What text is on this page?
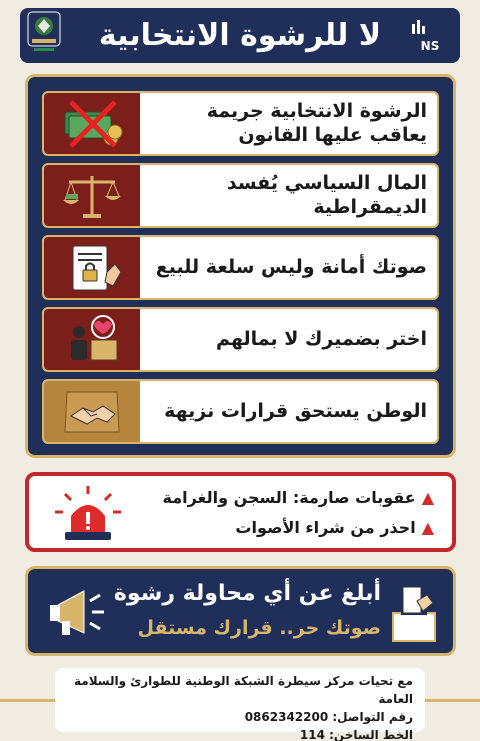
لا للرشوة الانتخابية	NS
الرشوة الانتخابية جريمة يعاقب عليها القانون
المال السياسي يُفسد الديمقراطية
صوتك أمانة وليس سلعة للبيع
اختر بضميرك لا بمالهم
الوطن يستحق قرارات نزيهة
▲
عقوبات صارمة: السجن والغرامة
▲
احذر من شراء الأصوات
أبلغ عن أي محاولة رشوة
صوتك حر.. قرارك مستقل
مع تحيات مركز سيطرة الشبكة الوطنية للطوارئ والسلامة العامة
رقم التواصل: 0862342200
الخط الساخن: 114
